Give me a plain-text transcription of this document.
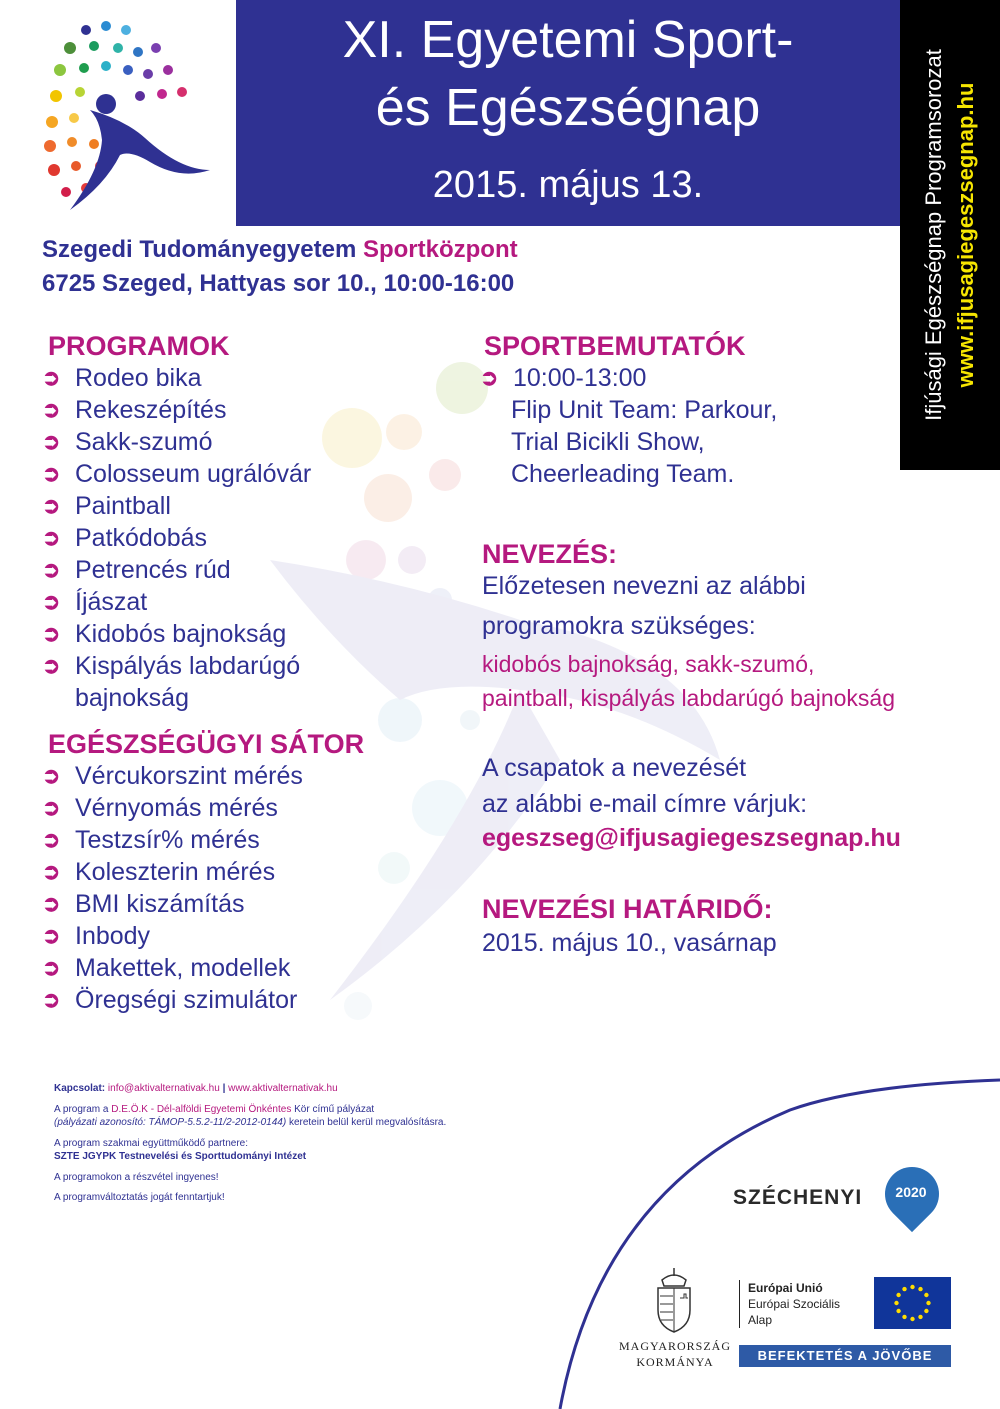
XI. Egyetemi Sport-
és Egészségnap
2015. május 13.	Ifjúsági Egészségnap Programsorozat www.ifjusagiegeszsegnap.hu
Szegedi Tudományegyetem Sportközpont
6725 Szeged, Hattyas sor 10., 10:00-16:00
PROGRAMOK
➲ Rodeo bika
➲ Rekeszépítés
➲ Sakk-szumó
➲ Colosseum ugrálóvár
➲ Paintball
➲ Patkódobás
➲ Petrencés rúd
➲ Íjászat
➲ Kidobós bajnokság
➲ Kispályás labdarúgó bajnokság
EGÉSZSÉGÜGYI SÁTOR
➲ Vércukorszint mérés
➲ Vérnyomás mérés
➲ Testzsír% mérés
➲ Koleszterin mérés
➲ BMI kiszámítás
➲ Inbody
➲ Makettek, modellek
➲ Öregségi szimulátor
SPORTBEMUTATÓK
➲ 10:00-13:00
Flip Unit Team: Parkour,
Trial Bicikli Show,
Cheerleading Team.
NEVEZÉS:
Előzetesen nevezni az alábbi
programokra szükséges:
kidobós bajnokság, sakk-szumó,
paintball, kispályás labdarúgó bajnokság
A csapatok a nevezését
az alábbi e-mail címre várjuk:
egeszseg@ifjusagiegeszsegnap.hu
NEVEZÉSI HATÁRIDŐ:
2015. május 10., vasárnap
Kapcsolat: info@aktivalternativak.hu | www.aktivalternativak.hu
A program a D.E.Ö.K - Dél-alföldi Egyetemi Önkéntes Kör című pályázat
(pályázati azonosító: TÁMOP-5.5.2-11/2-2012-0144) keretein belül kerül megvalósításra.
A program szakmai együttműködő partnere:
SZTE JGYPK Testnevelési és Sporttudományi Intézet
A programokon a részvétel ingyenes!
A programváltoztatás jogát fenntartjuk!	SZÉCHENYI	2020
MAGYARORSZÁG
KORMÁNYA
Európai Unió
Európai Szociális
Alap
BEFEKTETÉS A JÖVŐBE
